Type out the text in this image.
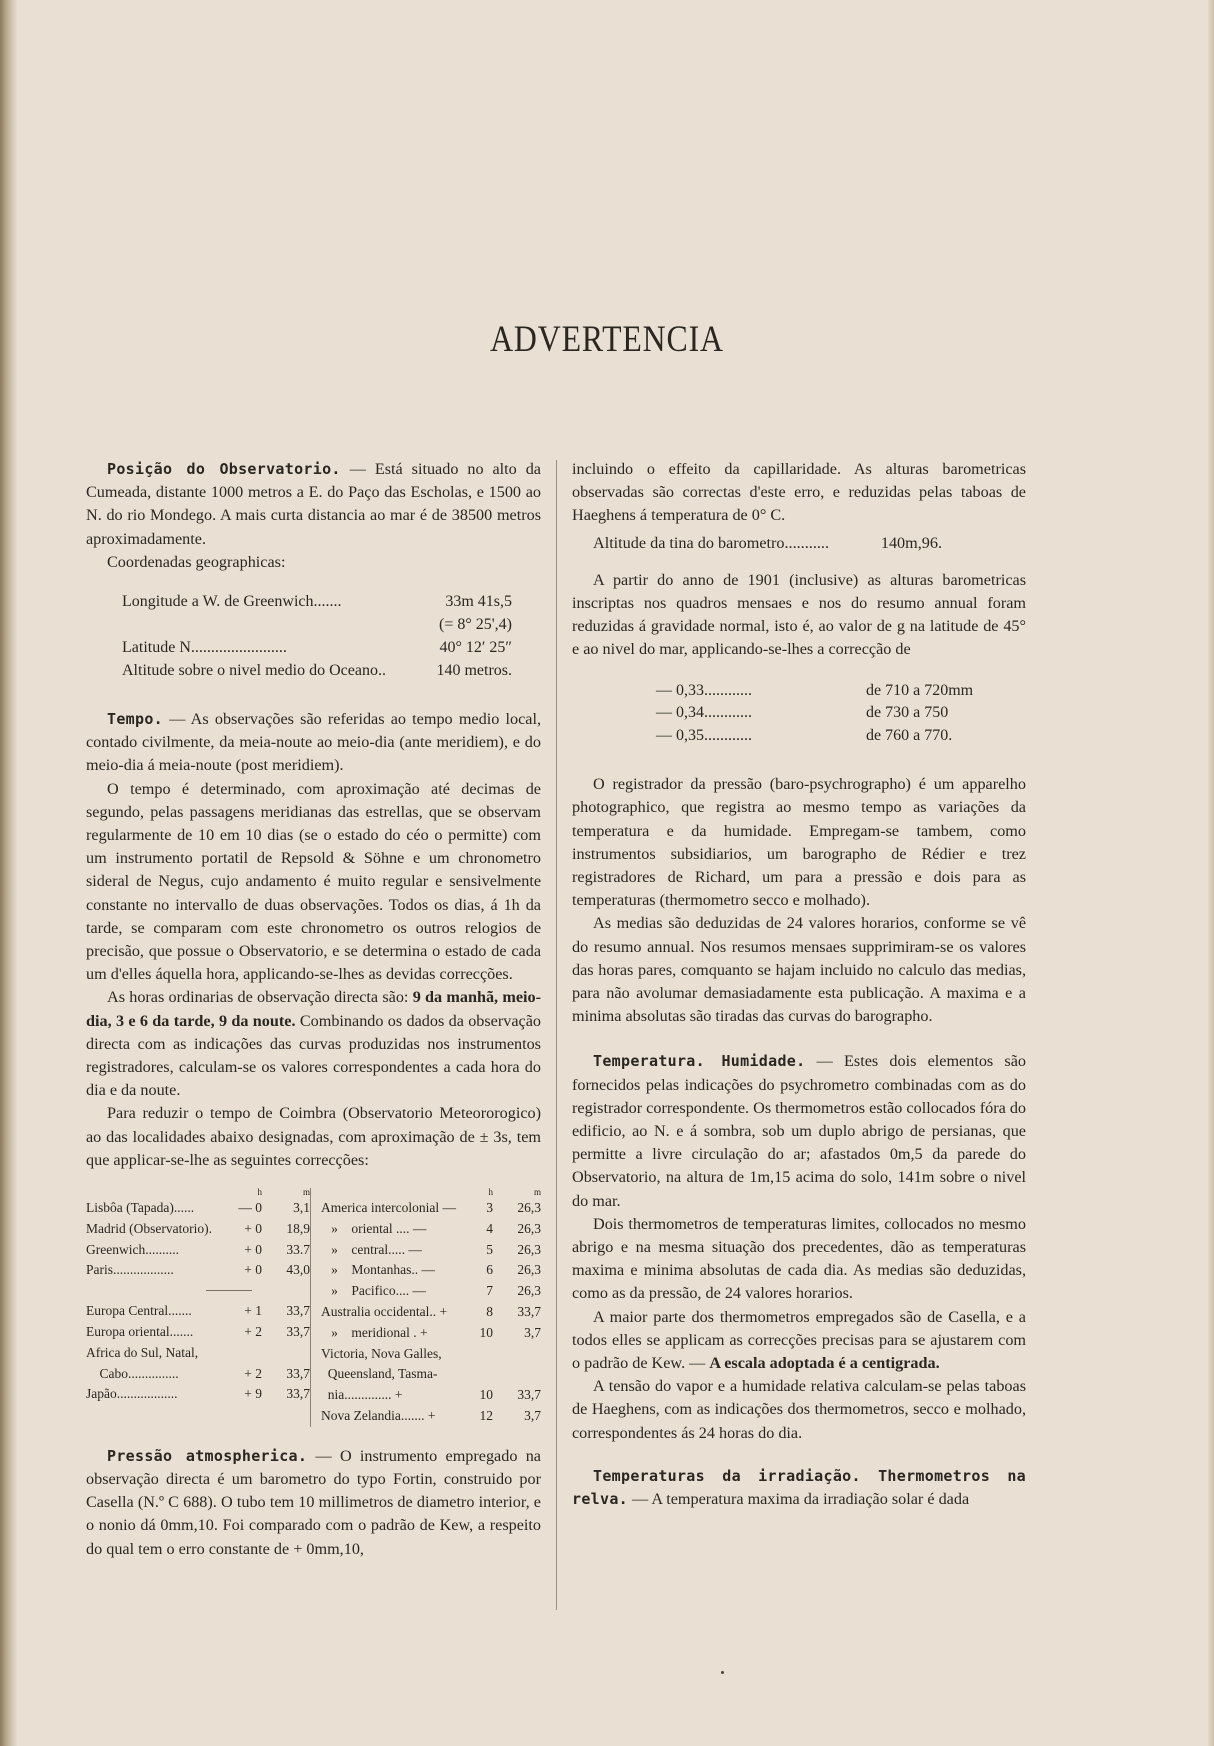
ADVERTENCIA

Posição do Observatorio. — Está situado no alto da Cumeada, distante 1000 metros a E. do Paço das Escholas, e 1500 ao N. do rio Mondego. A mais curta distancia ao mar é de 38500 metros aproximadamente.

Coordenadas geographicas:

Longitude a W. de Greenwich.......	33m 41s,5
(= 8° 25',4)
Latitude N........................	40° 12′ 25″
Altitude sobre o nivel medio do Oceano..	140 metros.

Tempo. — As observações são referidas ao tempo medio local, contado civilmente, da meia-noute ao meio-dia (ante meridiem), e do meio-dia á meia-noute (post meridiem).

O tempo é determinado, com aproximação até decimas de segundo, pelas passagens meridianas das estrellas, que se observam regularmente de 10 em 10 dias (se o estado do céo o permitte) com um instrumento portatil de Repsold & Söhne e um chronometro sideral de Negus, cujo andamento é muito regular e sensivelmente constante no intervallo de duas observações. Todos os dias, á 1h da tarde, se comparam com este chronometro os outros relogios de precisão, que possue o Observatorio, e se determina o estado de cada um d'elles áquella hora, applicando-se-lhes as devidas correcções.

As horas ordinarias de observação directa são: 9 da manhã, meio-dia, 3 e 6 da tarde, 9 da noute. Combinando os dados da observação directa com as indicações das curvas produzidas nos instrumentos registradores, calculam-se os valores correspondentes a cada hora do dia e da noute.

Para reduzir o tempo de Coimbra (Observatorio Meteororogico) ao das localidades abaixo designadas, com aproximação de ± 3s, tem que applicar-se-lhe as seguintes correcções:

h	m
Lisbôa (Tapada)......	— 0	3,1
Madrid (Observatorio).	+ 0	18,9
Greenwich..........	+ 0	33.7
Paris..................	+ 0	43,0
Europa Central.......	+ 1	33,7
Europa oriental.......	+ 2	33,7
Africa do Sul, Natal,
Cabo...............	+ 2	33,7
Japão..................	+ 9	33,7
h	m
America intercolonial —	3	26,3
»    oriental .... —	4	26,3
»    central..... —	5	26,3
»    Montanhas.. —	6	26,3
»    Pacifico.... —	7	26,3
Australia occidental.. +	8	33,7
»    meridional . +	10	3,7
Victoria, Nova Galles,
Queensland, Tasma-
nia.............. +	10	33,7
Nova Zelandia....... +	12	3,7

Pressão atmospherica. — O instrumento empregado na observação directa é um barometro do typo Fortin, construido por Casella (N.º C 688). O tubo tem 10 millimetros de diametro interior, e o nonio dá 0mm,10. Foi comparado com o padrão de Kew, a respeito do qual tem o erro constante de + 0mm,10,

incluindo o effeito da capillaridade. As alturas barometricas observadas são correctas d'este erro, e reduzidas pelas taboas de Haeghens á temperatura de 0° C.

Altitude da tina do barometro...........	140m,96.

A partir do anno de 1901 (inclusive) as alturas barometricas inscriptas nos quadros mensaes e nos do resumo annual foram reduzidas á gravidade normal, isto é, ao valor de g na latitude de 45° e ao nivel do mar, applicando-se-lhes a correcção de

— 0,33............	de 710 a 720mm
— 0,34............	de 730 a 750
— 0,35............	de 760 a 770.

O registrador da pressão (baro-psychrographo) é um apparelho photographico, que registra ao mesmo tempo as variações da temperatura e da humidade. Empregam-se tambem, como instrumentos subsidiarios, um barographo de Rédier e trez registradores de Richard, um para a pressão e dois para as temperaturas (thermometro secco e molhado).

As medias são deduzidas de 24 valores horarios, conforme se vê do resumo annual. Nos resumos mensaes supprimiram-se os valores das horas pares, comquanto se hajam incluido no calculo das medias, para não avolumar demasiadamente esta publicação. A maxima e a minima absolutas são tiradas das curvas do barographo.

Temperatura. Humidade. — Estes dois elementos são fornecidos pelas indicações do psychrometro combinadas com as do registrador correspondente. Os thermometros estão collocados fóra do edificio, ao N. e á sombra, sob um duplo abrigo de persianas, que permitte a livre circulação do ar; afastados 0m,5 da parede do Observatorio, na altura de 1m,15 acima do solo, 141m sobre o nivel do mar.

Dois thermometros de temperaturas limites, collocados no mesmo abrigo e na mesma situação dos precedentes, dão as temperaturas maxima e minima absolutas de cada dia. As medias são deduzidas, como as da pressão, de 24 valores horarios.

A maior parte dos thermometros empregados são de Casella, e a todos elles se applicam as correcções precisas para se ajustarem com o padrão de Kew. — A escala adoptada é a centigrada.

A tensão do vapor e a humidade relativa calculam-se pelas taboas de Haeghens, com as indicações dos thermometros, secco e molhado, correspondentes ás 24 horas do dia.

Temperaturas da irradiação. Thermometros na relva. — A temperatura maxima da irradiação solar é dada
